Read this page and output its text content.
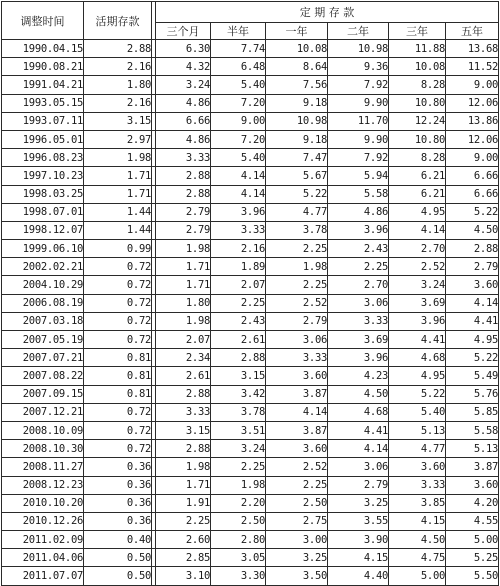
调整时间	活期存款		定 期 存 款					
			三个月	半年	一年	二年	三年	五年
1990.04.15	2.88		6.30	7.74	10.08	10.98	11.88	13.68
1990.08.21	2.16		4.32	6.48	8.64	9.36	10.08	11.52
1991.04.21	1.80		3.24	5.40	7.56	7.92	8.28	9.00
1993.05.15	2.16		4.86	7.20	9.18	9.90	10.80	12.06
1993.07.11	3.15		6.66	9.00	10.98	11.70	12.24	13.86
1996.05.01	2.97		4.86	7.20	9.18	9.90	10.80	12.06
1996.08.23	1.98		3.33	5.40	7.47	7.92	8.28	9.00
1997.10.23	1.71		2.88	4.14	5.67	5.94	6.21	6.66
1998.03.25	1.71		2.88	4.14	5.22	5.58	6.21	6.66
1998.07.01	1.44		2.79	3.96	4.77	4.86	4.95	5.22
1998.12.07	1.44		2.79	3.33	3.78	3.96	4.14	4.50
1999.06.10	0.99		1.98	2.16	2.25	2.43	2.70	2.88
2002.02.21	0.72		1.71	1.89	1.98	2.25	2.52	2.79
2004.10.29	0.72		1.71	2.07	2.25	2.70	3.24	3.60
2006.08.19	0.72		1.80	2.25	2.52	3.06	3.69	4.14
2007.03.18	0.72		1.98	2.43	2.79	3.33	3.96	4.41
2007.05.19	0.72		2.07	2.61	3.06	3.69	4.41	4.95
2007.07.21	0.81		2.34	2.88	3.33	3.96	4.68	5.22
2007.08.22	0.81		2.61	3.15	3.60	4.23	4.95	5.49
2007.09.15	0.81		2.88	3.42	3.87	4.50	5.22	5.76
2007.12.21	0.72		3.33	3.78	4.14	4.68	5.40	5.85
2008.10.09	0.72		3.15	3.51	3.87	4.41	5.13	5.58
2008.10.30	0.72		2.88	3.24	3.60	4.14	4.77	5.13
2008.11.27	0.36		1.98	2.25	2.52	3.06	3.60	3.87
2008.12.23	0.36		1.71	1.98	2.25	2.79	3.33	3.60
2010.10.20	0.36		1.91	2.20	2.50	3.25	3.85	4.20
2010.12.26	0.36		2.25	2.50	2.75	3.55	4.15	4.55
2011.02.09	0.40		2.60	2.80	3.00	3.90	4.50	5.00
2011.04.06	0.50		2.85	3.05	3.25	4.15	4.75	5.25
2011.07.07	0.50		3.10	3.30	3.50	4.40	5.00	5.50
